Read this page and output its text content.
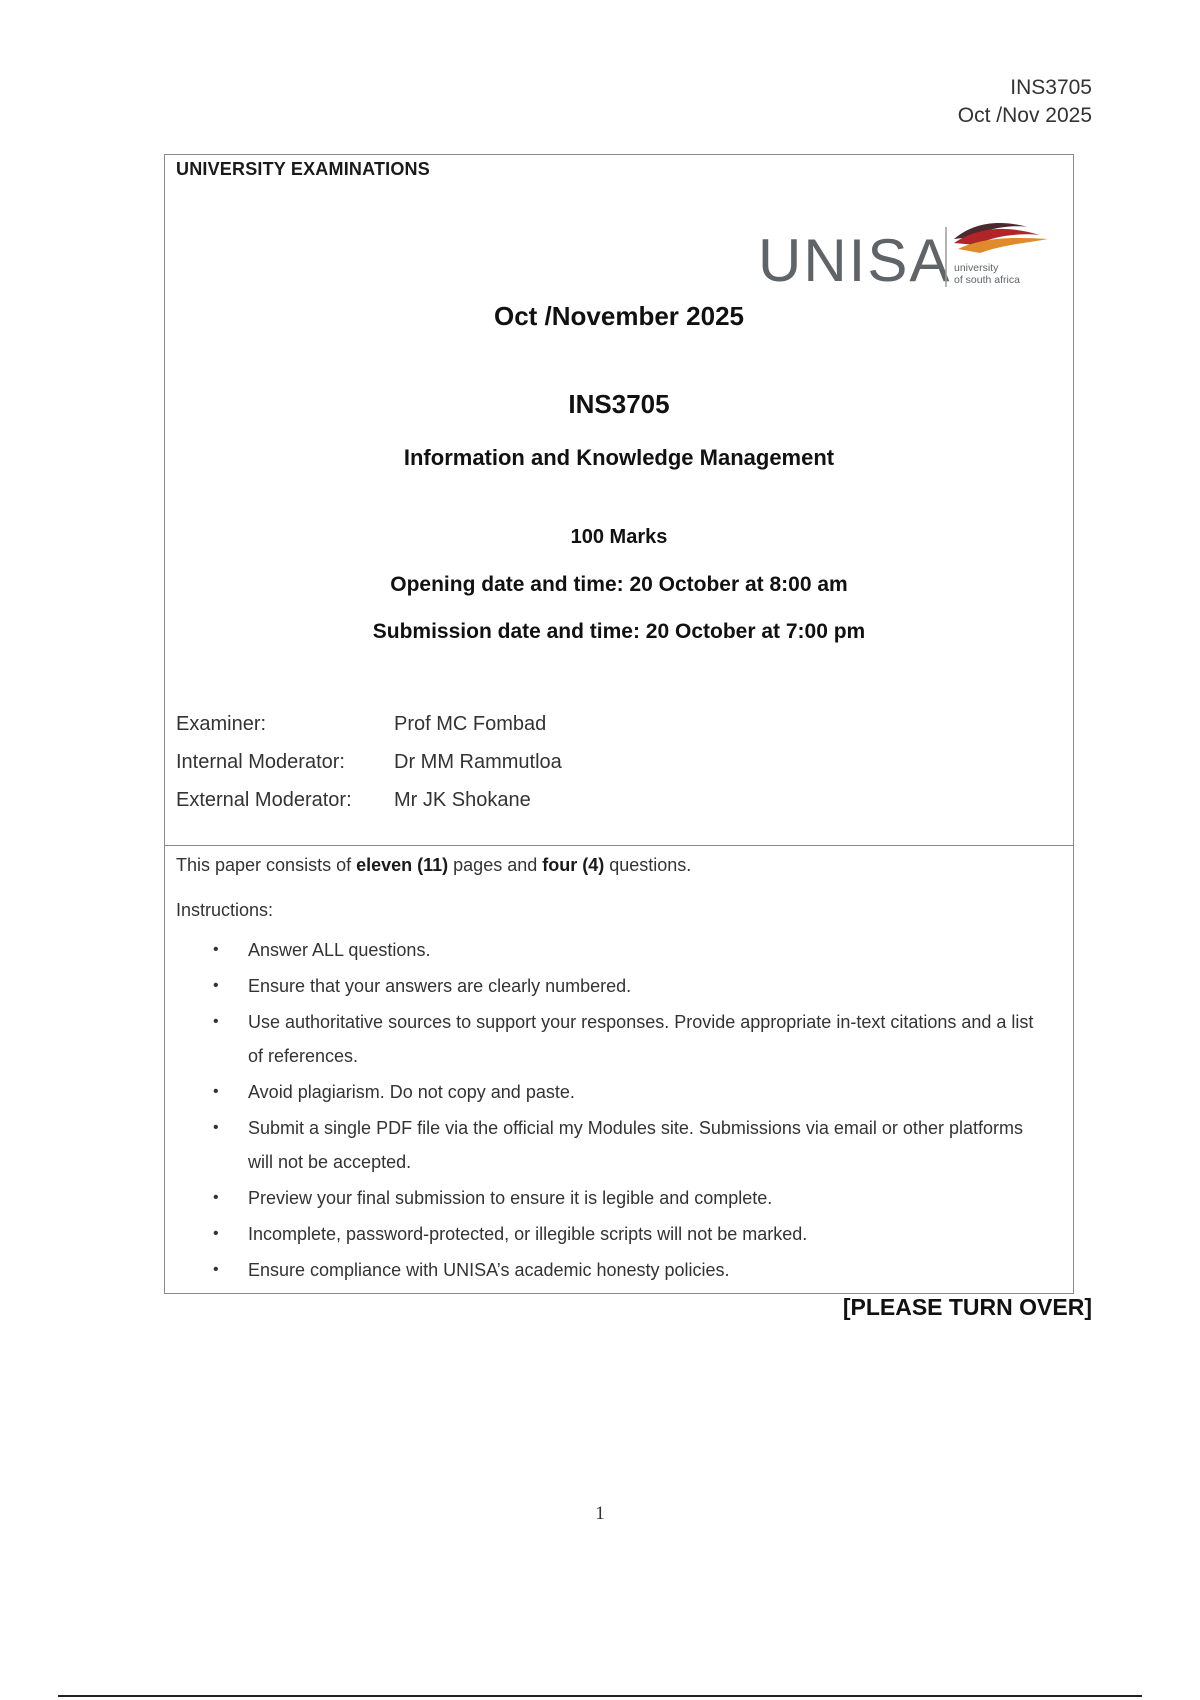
INS3705
Oct /Nov 2025
UNIVERSITY EXAMINATIONS
UNISA university
of south africa
Oct /November 2025
INS3705
Information and Knowledge Management
100 Marks
Opening date and time: 20 October at 8:00 am
Submission date and time: 20 October at 7:00 pm
Examiner:	Prof MC Fombad
Internal Moderator:	Dr MM Rammutloa
External Moderator:	Mr JK Shokane
This paper consists of eleven (11) pages and four (4) questions.
Instructions:
• Answer ALL questions.
• Ensure that your answers are clearly numbered.
• Use authoritative sources to support your responses. Provide appropriate in-text citations and a list of references.
• Avoid plagiarism. Do not copy and paste.
• Submit a single PDF file via the official my Modules site. Submissions via email or other platforms will not be accepted.
• Preview your final submission to ensure it is legible and complete.
• Incomplete, password-protected, or illegible scripts will not be marked.
• Ensure compliance with UNISA’s academic honesty policies.
[PLEASE TURN OVER]
1
